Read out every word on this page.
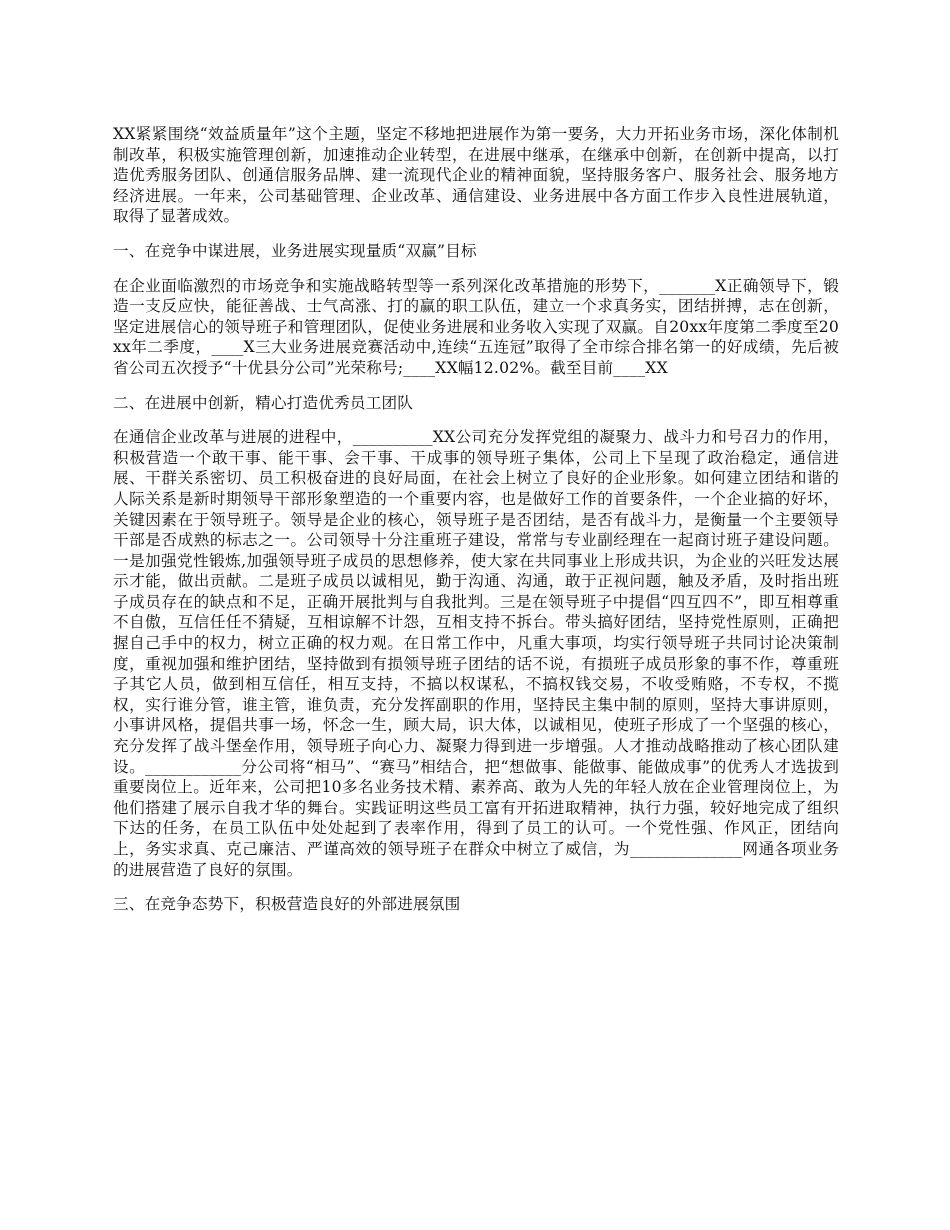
XX紧紧围绕“效益质量年”这个主题，坚定不移地把进展作为第一要务，大力开拓业务市场，深化体制机制改革，积极实施管理创新，加速推动企业转型，在进展中继承，在继承中创新，在创新中提高，以打造优秀服务团队、创通信服务品牌、建一流现代企业的精神面貌，坚持服务客户、服务社会、服务地方经济进展。一年来，公司基础管理、企业改革、通信建设、业务进展中各方面工作步入良性进展轨道，取得了显著成效。

一、在竞争中谋进展，业务进展实现量质“双赢”目标

在企业面临激烈的市场竞争和实施战略转型等一系列深化改革措施的形势下，_______X正确领导下，锻造一支反应快，能征善战、士气高涨、打的赢的职工队伍，建立一个求真务实，团结拼搏，志在创新，坚定进展信心的领导班子和管理团队，促使业务进展和业务收入实现了双赢。自20xx年度第二季度至20xx年二季度，____X三大业务进展竞赛活动中,连续“五连冠”取得了全市综合排名第一的好成绩，先后被省公司五次授予“十优县分公司”光荣称号;____XX幅12.02%。截至目前____XX

二、在进展中创新，精心打造优秀员工团队

在通信企业改革与进展的进程中，__________XX公司充分发挥党组的凝聚力、战斗力和号召力的作用，积极营造一个敢干事、能干事、会干事、干成事的领导班子集体，公司上下呈现了政治稳定，通信进展、干群关系密切、员工积极奋进的良好局面，在社会上树立了良好的企业形象。如何建立团结和谐的人际关系是新时期领导干部形象塑造的一个重要内容，也是做好工作的首要条件，一个企业搞的好坏，关键因素在于领导班子。领导是企业的核心，领导班子是否团结，是否有战斗力，是衡量一个主要领导干部是否成熟的标志之一。公司领导十分注重班子建设，常常与专业副经理在一起商讨班子建设问题。一是加强党性锻炼,加强领导班子成员的思想修养，使大家在共同事业上形成共识，为企业的兴旺发达展示才能，做出贡献。二是班子成员以诚相见，勤于沟通、沟通，敢于正视问题，触及矛盾，及时指出班子成员存在的缺点和不足，正确开展批判与自我批判。三是在领导班子中提倡“四互四不”，即互相尊重不自傲，互信任任不猜疑，互相谅解不计怨，互相支持不拆台。带头搞好团结，坚持党性原则，正确把握自己手中的权力，树立正确的权力观。在日常工作中，凡重大事项，均实行领导班子共同讨论决策制度，重视加强和维护团结，坚持做到有损领导班子团结的话不说，有损班子成员形象的事不作，尊重班子其它人员，做到相互信任，相互支持，不搞以权谋私，不搞权钱交易，不收受贿赂，不专权，不揽权，实行谁分管，谁主管，谁负责，充分发挥副职的作用，坚持民主集中制的原则，坚持大事讲原则，小事讲风格，提倡共事一场，怀念一生，顾大局，识大体，以诚相见，使班子形成了一个坚强的核心，充分发挥了战斗堡垒作用，领导班子向心力、凝聚力得到进一步增强。人才推动战略推动了核心团队建设。____________分公司将“相马”、“赛马”相结合，把“想做事、能做事、能做成事”的优秀人才选拔到重要岗位上。近年来，公司把10多名业务技术精、素养高、敢为人先的年轻人放在企业管理岗位上，为他们搭建了展示自我才华的舞台。实践证明这些员工富有开拓进取精神，执行力强，较好地完成了组织下达的任务，在员工队伍中处处起到了表率作用，得到了员工的认可。一个党性强、作风正，团结向上，务实求真、克己廉洁、严谨高效的领导班子在群众中树立了威信，为______________网通各项业务的进展营造了良好的氛围。

三、在竞争态势下，积极营造良好的外部进展氛围
